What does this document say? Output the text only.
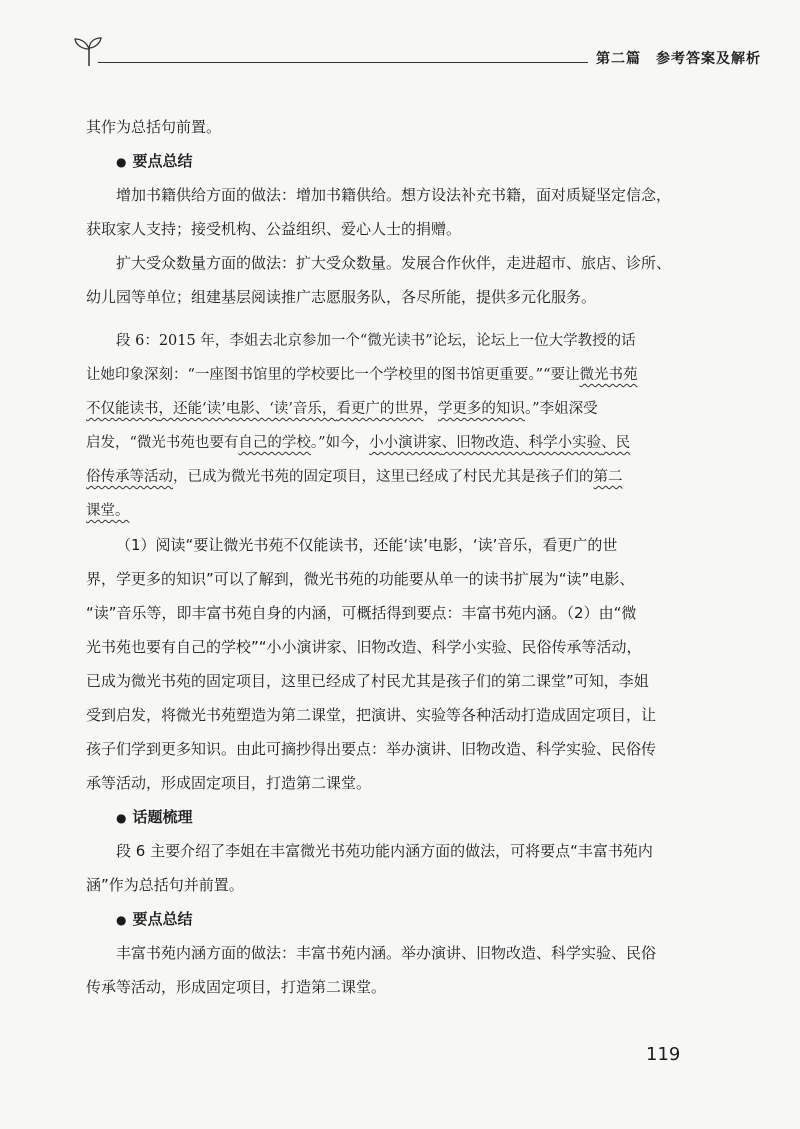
第二篇　参考答案及解析
其作为总括句前置。
● 要点总结
增加书籍供给方面的做法：增加书籍供给。想方设法补充书籍，面对质疑坚定信念，
获取家人支持；接受机构、公益组织、爱心人士的捐赠。
扩大受众数量方面的做法：扩大受众数量。发展合作伙伴，走进超市、旅店、诊所、
幼儿园等单位；组建基层阅读推广志愿服务队，各尽所能，提供多元化服务。
段 6：2015 年，李姐去北京参加一个“微光读书”论坛，论坛上一位大学教授的话
让她印象深刻：“一座图书馆里的学校要比一个学校里的图书馆更重要。”“要让微光书苑
不仅能读书，还能‘读’电影、‘读’音乐，看更广的世界，学更多的知识。”李姐深受
启发，“微光书苑也要有自己的学校。”如今，小小演讲家、旧物改造、科学小实验、民
俗传承等活动，已成为微光书苑的固定项目，这里已经成了村民尤其是孩子们的第二
课堂。
（1）阅读“要让微光书苑不仅能读书，还能‘读’电影，‘读’音乐，看更广的世
界，学更多的知识”可以了解到，微光书苑的功能要从单一的读书扩展为“读”电影、
“读”音乐等，即丰富书苑自身的内涵，可概括得到要点：丰富书苑内涵。（2）由“微
光书苑也要有自己的学校”“小小演讲家、旧物改造、科学小实验、民俗传承等活动，
已成为微光书苑的固定项目，这里已经成了村民尤其是孩子们的第二课堂”可知，李姐
受到启发，将微光书苑塑造为第二课堂，把演讲、实验等各种活动打造成固定项目，让
孩子们学到更多知识。由此可摘抄得出要点：举办演讲、旧物改造、科学实验、民俗传
承等活动，形成固定项目，打造第二课堂。
● 话题梳理
段 6 主要介绍了李姐在丰富微光书苑功能内涵方面的做法，可将要点“丰富书苑内
涵”作为总括句并前置。
● 要点总结
丰富书苑内涵方面的做法：丰富书苑内涵。举办演讲、旧物改造、科学实验、民俗
传承等活动，形成固定项目，打造第二课堂。
119
